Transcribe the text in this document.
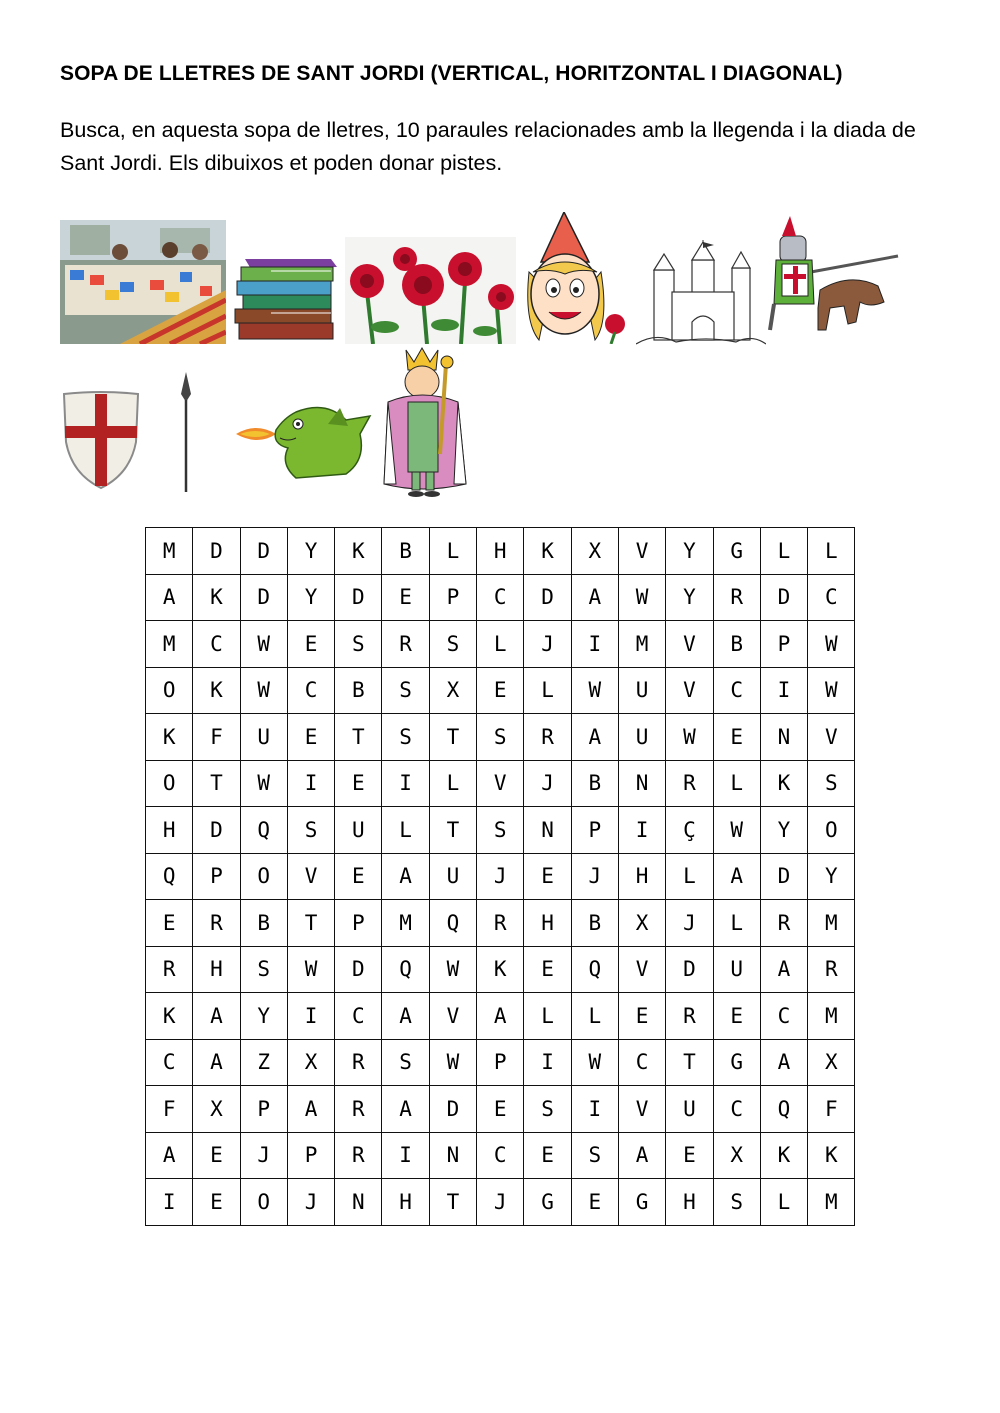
SOPA DE LLETRES DE SANT JORDI (VERTICAL, HORITZONTAL I DIAGONAL)
Busca, en aquesta sopa de lletres, 10 paraules relacionades amb la llegenda i la diada de Sant Jordi. Els dibuixos et poden donar pistes.
M	D	D	Y	K	B	L	H	K	X	V	Y	G	L	L
A	K	D	Y	D	E	P	C	D	A	W	Y	R	D	C
M	C	W	E	S	R	S	L	J	I	M	V	B	P	W
O	K	W	C	B	S	X	E	L	W	U	V	C	I	W
K	F	U	E	T	S	T	S	R	A	U	W	E	N	V
O	T	W	I	E	I	L	V	J	B	N	R	L	K	S
H	D	Q	S	U	L	T	S	N	P	I	Ç	W	Y	O
Q	P	O	V	E	A	U	J	E	J	H	L	A	D	Y
E	R	B	T	P	M	Q	R	H	B	X	J	L	R	M
R	H	S	W	D	Q	W	K	E	Q	V	D	U	A	R
K	A	Y	I	C	A	V	A	L	L	E	R	E	C	M
C	A	Z	X	R	S	W	P	I	W	C	T	G	A	X
F	X	P	A	R	A	D	E	S	I	V	U	C	Q	F
A	E	J	P	R	I	N	C	E	S	A	E	X	K	K
I	E	O	J	N	H	T	J	G	E	G	H	S	L	M
